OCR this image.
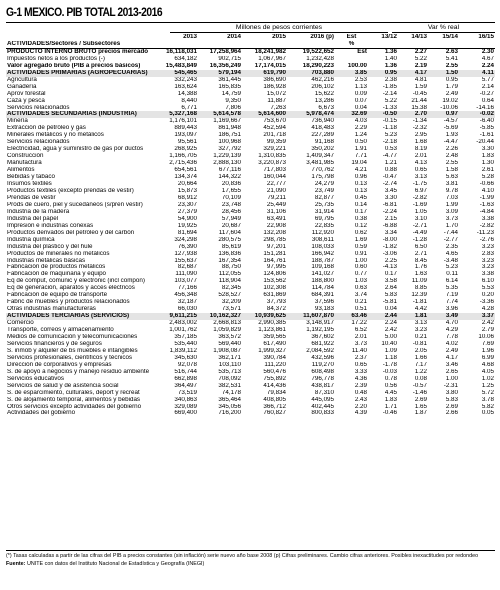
G-1 MEXICO. PIB TOTAL 2013-2016
Millones de pesos corrientes	Var % real
	2013	2014	2015	2016 (p)	Est	13/12	14/13	15/14	16/15
ACTIVIDADES/Sectores / Subsectores					%				
PRODUCTO INTERNO BRUTO precios mercado	16,118,031	17,258,964	18,241,982	19,522,652	Est	1.36	2.27	2.63	2.30
Impuestos netos a los productos (-)	634,182	902,715	1,067,967	1,232,428		1.40	5.22	5.41	4.67
Valor agregado bruto (PIB a precios básicos)	15,483,849	16,356,249	17,174,015	18,290,223	100.00	1.36	2.19	2.55	2.24
ACTIVIDADES PRIMARIAS (AGROPECUARIAS)	545,465	579,194	619,790	703,880	3.85	0.95	4.17	1.50	4.11
Agricultura	332,243	361,445	386,690	462,216	2.53	2.38	4.81	0.95	5.77
Ganadería	163,624	165,835	186,928	206,102	1.13	-1.85	1.59	1.79	2.14
Aprov forestal	14,388	14,759	15,072	15,622	0.09	-2.14	-0.45	2.49	-0.27
Caza y pesca	8,440	9,350	11,887	13,286	0.07	5.22	21.44	19.02	0.64
Servicios relacionados	6,771	7,806	7,263	6,673	0.04	-1.33	15.38	-10.06	-14.16
ACTIVIDADES SECUNDARIAS (INDUSTRIA)	5,327,168	5,614,578	5,614,600	5,978,474	32.69	-0.50	2.70	0.97	-0.02
Minería	1,176,101	1,169,667	753,670	736,940	4.03	-0.15	-1.34	-4.57	-6.40
Extracción de petróleo y gas	889,443	861,948	452,594	418,483	2.29	-1.18	-2.32	-5.69	-5.85
Minerales metálicos y no metálicos	193,097	186,751	201,718	227,289	1.24	5.23	2.95	1.93	-1.61
Servicios relacionados	95,561	100,968	99,359	91,168	0.50	-2.18	1.68	-4.47	-20.44
Electricidad, agua y suministro de gas por ductos	268,925	327,792	329,221	350,202	1.91	0.53	8.19	2.26	3.30
Construcción	1,166,705	1,229,139	1,310,835	1,409,347	7.71	-4.77	2.01	2.48	1.83
Manufactura	2,715,436	2,888,130	3,220,873	3,481,985	19.04	1.21	4.13	2.55	1.30
Alimentos	654,561	677,116	717,803	770,762	4.21	0.88	0.65	1.58	2.61
Bebidas y tabaco	134,374	144,322	160,044	175,798	0.96	-0.47	3.13	5.63	5.28
Insumos textiles	20,664	20,836	22,777	24,279	0.13	-2.74	-1.75	3.81	-0.66
Productos textiles (excepto prendas de vestir)	15,873	17,655	21,090	23,749	0.13	3.45	6.97	9.78	4.10
Prendas de vestir	68,912	70,109	79,211	82,877	0.45	3.30	-2.82	7.03	-1.99
Prods de cuero, piel y sucedáneos (s/pren vestir)	23,307	23,748	25,449	25,735	0.14	-6.81	-1.69	1.99	-1.63
Industria de la madera	27,379	28,456	31,106	31,914	0.17	-2.24	1.05	3.09	-4.84
Industria del papel	54,900	57,949	63,491	69,795	0.38	2.15	3.10	3.73	3.38
Impresión e industrias conexas	19,925	20,687	22,908	22,835	0.12	-6.88	-2.71	1.70	-2.82
Productos derivados del petróleo y del carbón	81,694	117,604	132,208	112,920	0.62	3.34	-4.49	-7.44	-11.23
Industria química	324,298	280,575	298,785	308,611	1.69	-8.00	-1.28	-2.77	-2.76
Industria del plástico y del hule	76,390	85,619	97,201	108,033	0.59	-1.82	6.50	2.35	3.23
Productos de minerales no metálicos	127,938	136,836	151,281	166,942	0.91	-3.06	2.71	4.65	2.83
Industrias metálicas básicas	155,637	167,354	164,761	188,787	1.00	2.25	8.45	-3.48	3.23
Fabricación de productos metálicos	82,687	88,750	97,995	109,168	0.60	-4.13	1.76	5.23	3.23
Fabricación de maquinaria y equipo	111,090	112,055	124,806	141,027	0.77	0.17	1.63	0.11	3.38
Eq de comput, comunic y electrónic (incl compon)	103,077	118,904	153,562	188,800	1.03	3.58	11.09	6.14	6.10
Eq de generación, aparatos y acces eléctricos	77,166	82,345	102,308	114,784	0.63	2.64	8.85	5.35	5.53
Fabricación de equipo de transporte	456,348	528,527	631,869	684,391	3.74	5.83	12.39	7.19	0.20
Fabric de muebles y productos relacionados	32,187	32,209	37,793	37,596	0.21	-5.81	-1.81	7.74	-3.36
Otras industrias manufactureras	66,030	73,571	84,372	93,183	0.51	0.04	4.42	3.96	4.28
ACTIVIDADES TERCIARIAS (SERVICIOS)	9,611,215	10,162,327	10,939,625	11,607,870	63.46	2.44	1.81	3.49	3.37
Comercio	2,483,002	2,668,813	2,990,385	3,148,917	17.22	2.24	3.13	4.70	2.42
Transporte, correos y almacenamiento	1,001,762	1,059,829	1,123,861	1,192,195	6.52	2.42	3.23	4.29	2.79
Medios de comunicación y telecomunicaciones	357,185	363,572	359,565	367,602	2.01	5.00	0.21	7.78	10.06
Servicios financieros y de seguros	535,440	569,440	617,490	681,922	3.73	10.40	-0.81	4.02	7.69
S. inmob y alquiler de bs muebles e intangibles	1,839,112	1,908,087	1,999,327	2,084,592	11.40	1.09	2.05	2.49	1.96
Servicios profesionales, científicos y técnicos	345,630	362,171	390,784	432,596	2.37	1.18	1.66	4.17	6.99
Dirección de corporativos y empresas	92,078	103,110	111,220	119,270	0.65	-1.78	7.17	3.46	4.68
S. de apoyo a negocios y manejo residuo ambiente	516,744	535,713	560,476	608,498	3.33	-0.03	1.22	2.65	4.05
Servicios educativos	662,898	708,092	755,892	796,778	4.36	0.78	0.08	1.00	1.02
Servicios de salud y de asistencia social	364,497	382,531	414,436	438,817	2.39	0.56	-0.57	-2.31	1.25
S. de esparcimiento, culturales, deport y recreat	73,519	74,178	79,834	87,310	0.48	4.45	-1.46	3.80	5.72
S. de alojamiento temporal, alimentos y bebidas	340,863	365,464	408,805	445,095	2.43	1.83	2.69	5.83	3.78
Otros servicios excepto actividades del gobierno	329,089	345,056	366,712	402,445	2.20	1.71	1.65	2.69	5.82
Actividades del gobierno	669,400	716,200	760,827	800,833	4.39	-0.46	1.87	2.66	0.05
(*) Tasas calculadas a partir de las cifras del PIB a precios constantes (sin inflación) serie nuevo año base 2008 (p) Cifras preliminares. Cambio cifras anteriores. Posibles inexactitudes por redondeo
Fuente: UNITE con datos del Instituto Nacional de Estadística y Geografía (INEGI)
